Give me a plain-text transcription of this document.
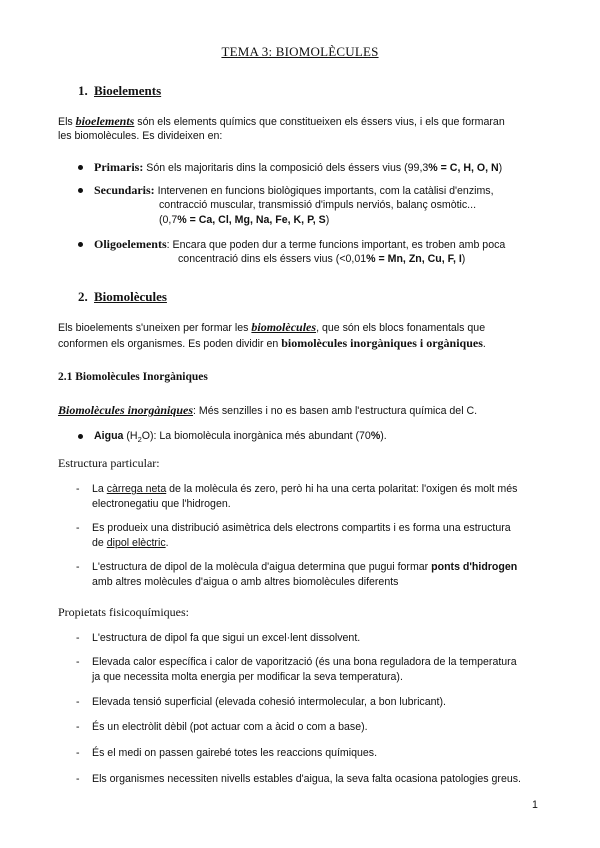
TEMA 3: BIOMOLÈCULES
1. Bioelements
Els bioelements són els elements químics que constitueixen els éssers vius, i els que formaran
les biomolècules. Es divideixen en:
Primaris: Són els majoritaris dins la composició dels éssers vius (99,3% = C, H, O, N)
Secundaris: Intervenen en funcions biològiques importants, com la catàlisi d'enzims,
contracció muscular, transmissió d'impuls nerviós, balanç osmòtic...
(0,7% = Ca, Cl, Mg, Na, Fe, K, P, S)
Oligoelements: Encara que poden dur a terme funcions important, es troben amb poca
concentració dins els éssers vius (<0,01% = Mn, Zn, Cu, F, I)
2. Biomolècules
Els bioelements s'uneixen per formar les biomolècules, que són els blocs fonamentals que
conformen els organismes. Es poden dividir en biomolècules inorgàniques i orgàniques.
2.1 Biomolècules Inorgàniques
Biomolècules inorgàniques: Més senzilles i no es basen amb l'estructura química del C.
Aigua $(H_2O)$: La biomolècula inorgànica més abundant (70%).
Estructura particular:
- La càrrega neta de la molècula és zero, però hi ha una certa polaritat: l'oxigen és molt més
electronegatiu que l'hidrogen.
- Es produeix una distribució asimètrica dels electrons compartits i es forma una estructura
de dipol elèctric.
- L'estructura de dipol de la molècula d'aigua determina que pugui formar ponts d'hidrogen
amb altres molècules d'aigua o amb altres biomolècules diferents
Propietats fisicoquímiques:
- L'estructura de dipol fa que sigui un excel·lent dissolvent.
- Elevada calor específica i calor de vaporització (és una bona reguladora de la temperatura
ja que necessita molta energia per modificar la seva temperatura).
- Elevada tensió superficial (elevada cohesió intermolecular, a bon lubricant).
- És un electròlit dèbil (pot actuar com a àcid o com a base).
- És el medi on passen gairebé totes les reaccions químiques.
- Els organismes necessiten nivells estables d'aigua, la seva falta ocasiona patologies greus.
1
